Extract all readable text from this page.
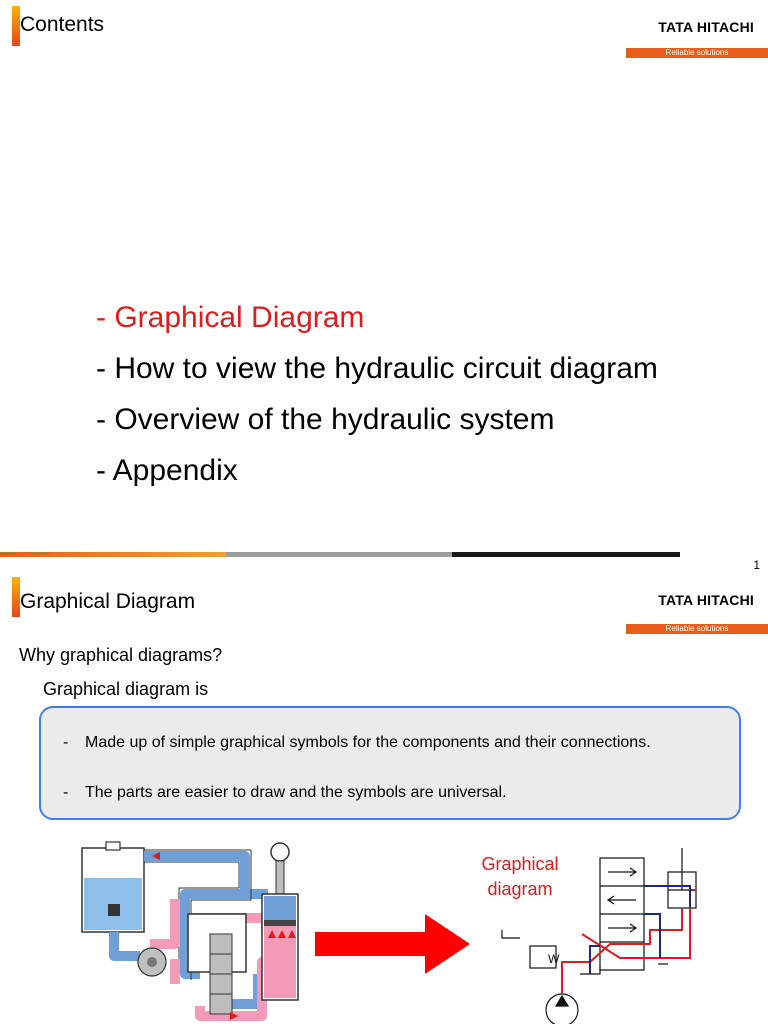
Contents	TATA HITACHI
Reliable solutions
- Graphical Diagram
- How to view the hydraulic circuit diagram
- Overview of the hydraulic system
- Appendix
1
Graphical Diagram	TATA HITACHI
Reliable solutions
Why graphical diagrams?
Graphical diagram is
- Made up of simple graphical symbols for the components and their connections.
- The parts are easier to draw and the symbols are universal.
W
Graphical
diagram
